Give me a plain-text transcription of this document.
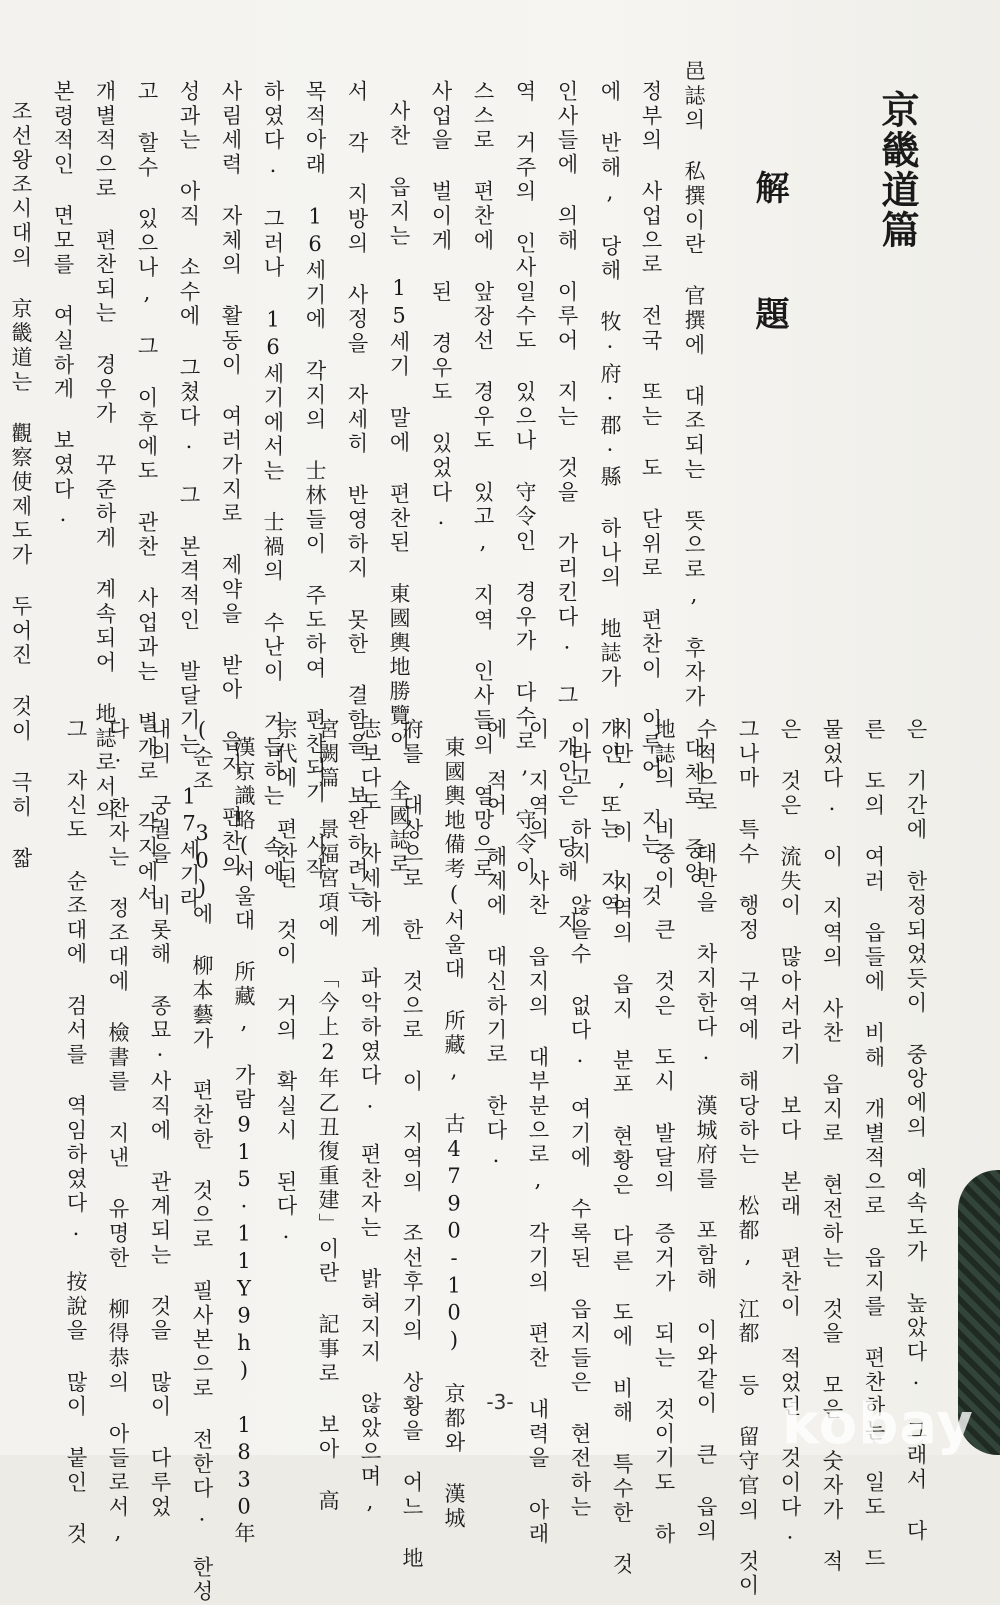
京畿道篇
解題
邑誌의 私撰이란 官撰에 대조되는 뜻으로, 후자가 대체로 중앙
정부의 사업으로 전국 또는 도 단위로 편찬이 이루어 지는 것
에 반해, 당해 牧·府·郡·縣 하나의 地誌가 개인 또는 지역
인사들에 의해 이루어 지는 것을 가리킨다. 그 개인은 당해 지
역 거주의 인사일수도 있으나 守令인 경우가 다수로, 守令이
스스로 편찬에 앞장선 경우도 있고, 지역 인사들의 열망으로
사업을 벌이게 된 경우도 있었다.
사찬 읍지는 15세기 말에 편찬된 東國輿地勝覽이 全國誌로
서 각 지방의 사정을 자세히 반영하지 못한 결함을 보완하려는
목적아래 16세기에 각지의 士林들이 주도하여 편찬되기 시작
하였다. 그러나 16세기에서는 士禍의 수난이 거듭하는 속에
사림세력 자체의 활동이 여러가지로 제약을 받아 읍지 편찬의
성과는 아직 소수에 그쳤다. 그 본격적인 발달기는 17세기라
고 할수 있으나, 그 이후에도 관찬 사업과는 별개로 각지에서
개별적으로 편찬되는 경우가 꾸준하게 계속되어 地誌로서의
본령적인 면모를 여실하게 보였다.
조선왕조시대의 京畿道는 觀察使제도가 두어진 것이 극히 짧
은 기간에 한정되었듯이 중앙에의 예속도가 높았다. 그래서 다
른 도의 여러 읍들에 비해 개별적으로 읍지를 편찬하는 일도 드
물었다. 이 지역의 사찬 읍지로 현전하는 것을 모은 숫자가 적
은 것은 流失이 많아서라기 보다 본래 편찬이 적었던 것이다.
그나마 특수 행정 구역에 해당하는 松都, 江都 등 留守官의 것이
수적으로 태반을 차지한다. 漢城府를 포함해 이와같이 큰 읍의
地誌의 비중이 큰 것은 도시 발달의 증거가 되는 것이기도 하
지만, 이 지역의 읍지 분포 현황은 다른 도에 비해 특수한 것
이라고 하지 않을수 없다. 여기에 수록된 읍지들은 현전하는
이 지역의 사찬 읍지의 대부분으로, 각기의 편찬 내력을 아래
에 적어 해제에 대신하기로 한다.
東國輿地備考(서울대 所藏, 古4790-10) 京都와 漢城
府를 대상으로 한 것으로 이 지역의 조선후기의 상황을 어느 地
志보다도 자세하게 파악하였다. 편찬자는 밝혀지지 않았으며,
宮闕篇 景福宮項에 「今上2年乙丑復重建」이란 記事로 보아 高
宗代에 편찬된 것이 거의 확실시 된다.
漢京識略(서울대 所藏, 가람915·11Y9h) 1830年
(순조 30)에 柳本藝가 편찬한 것으로 필사본으로 전한다. 한성
내의 궁궐을 비롯해 종묘·사직에 관계되는 것을 많이 다루었
다. 찬자는 정조대에 檢書를 지낸 유명한 柳得恭의 아들로서,
그 자신도 순조대에 검서를 역임하였다. 按說을 많이 붙인 것	-3-	kobay
